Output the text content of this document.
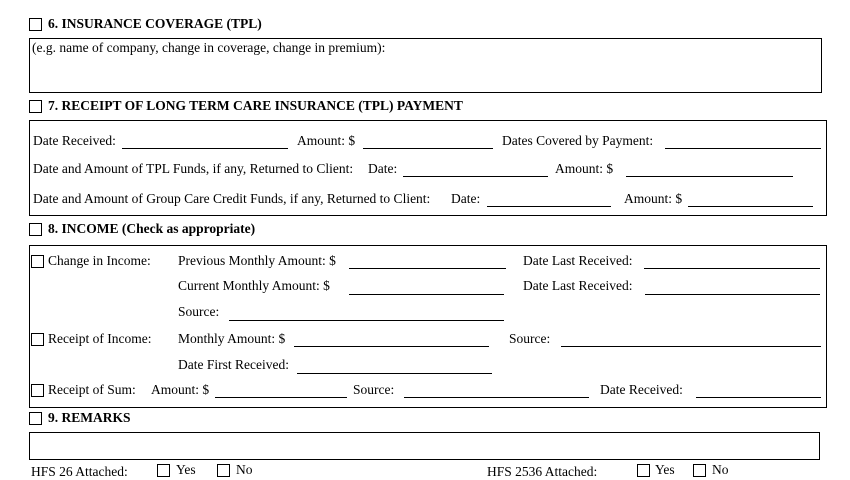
6. INSURANCE COVERAGE (TPL)
(e.g. name of company, change in coverage, change in premium):
7. RECEIPT OF LONG TERM CARE INSURANCE (TPL) PAYMENT
Date Received:	Amount: $	Dates Covered by Payment:
Date and Amount of TPL Funds, if any, Returned to Client: Date:	Amount: $
Date and Amount of Group Care Credit Funds, if any, Returned to Client: Date:	Amount: $
8. INCOME (Check as appropriate)
Change in Income: Previous Monthly Amount: $	Date Last Received:
Current Monthly Amount: $	Date Last Received:
Source:
Receipt of Income: Monthly Amount: $	Source:
Date First Received:
Receipt of Sum: Amount: $	Source:	Date Received:
9. REMARKS
HFS 26 Attached:	Yes	No	HFS 2536 Attached:	Yes	No
